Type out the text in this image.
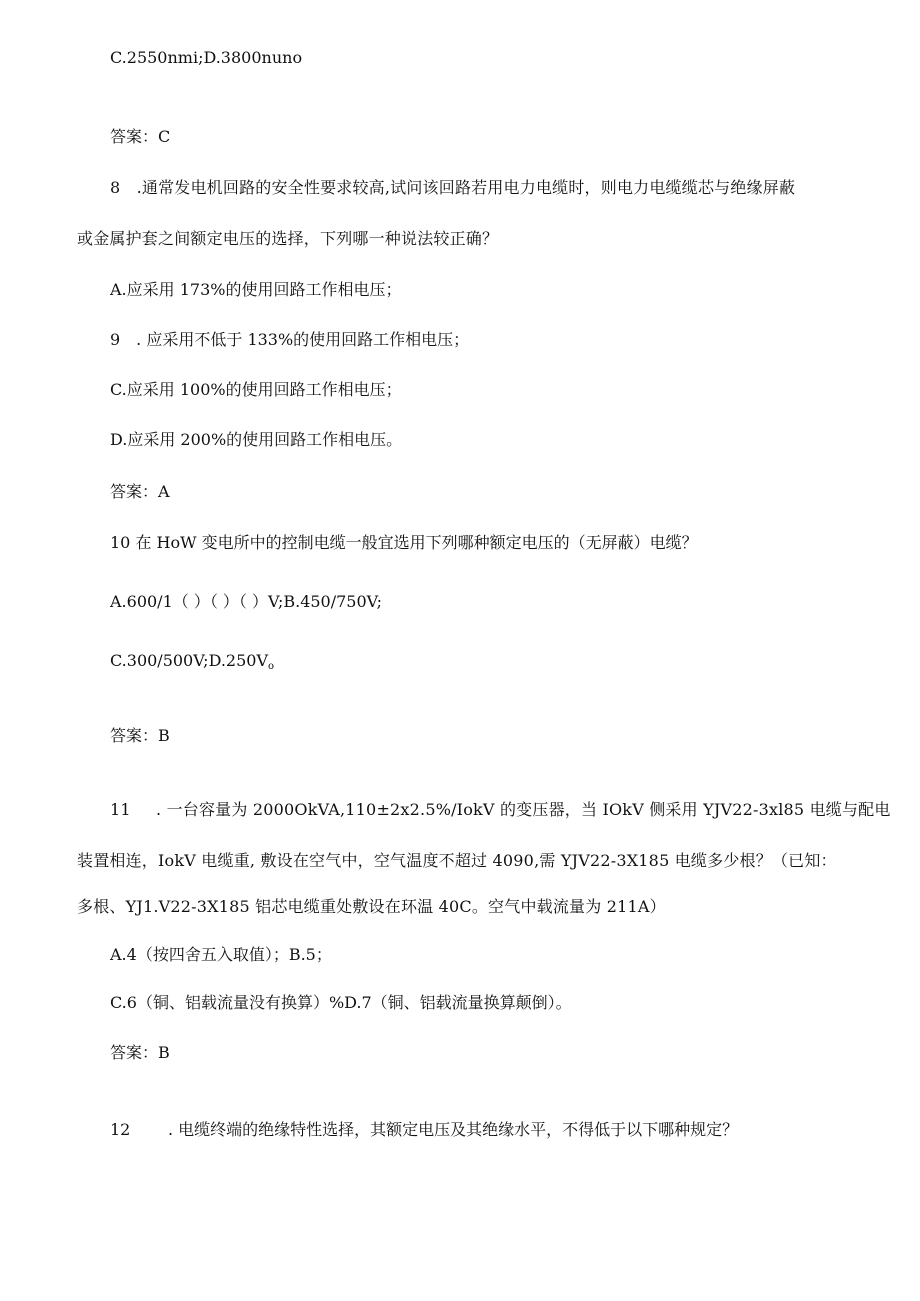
C.2550nmi;D.3800nuno
答案：C
8　.通常发电机回路的安全性要求较高,试问该回路若用电力电缆时，则电力电缆缆芯与绝缘屏蔽
或金属护套之间额定电压的选择，下列哪一种说法较正确？
A.应采用 173%的使用回路工作相电压；
9　. 应采用不低于 133%的使用回路工作相电压；
C.应采用 100%的使用回路工作相电压；
D.应采用 200%的使用回路工作相电压。
答案：A
10 在 HoW 变电所中的控制电缆一般宜选用下列哪种额定电压的（无屏蔽）电缆？
A.600/1（ ）（ ）（ ）V;B.450/750V;
$C.300/500V;D.250V_o$
答案：B
11 . 一台容量为 2000OkVA,110±2x2.5%/IokV 的变压器，当 IOkV 侧采用 YJV22-3xl85 电缆与配电
装置相连，IokV 电缆重, 敷设在空气中，空气温度不超过 4090,需 YJV22-3X185 电缆多少根？（已知：
多根、YJ1.V22-3X185 铝芯电缆重处敷设在环温 40C。空气中载流量为 211A）
A.4（按四舍五入取值）；B.5；
C.6（铜、铝载流量没有换算）%D.7（铜、铝载流量换算颠倒）。
答案：B
12 . 电缆终端的绝缘特性选择，其额定电压及其绝缘水平，不得低于以下哪种规定？
